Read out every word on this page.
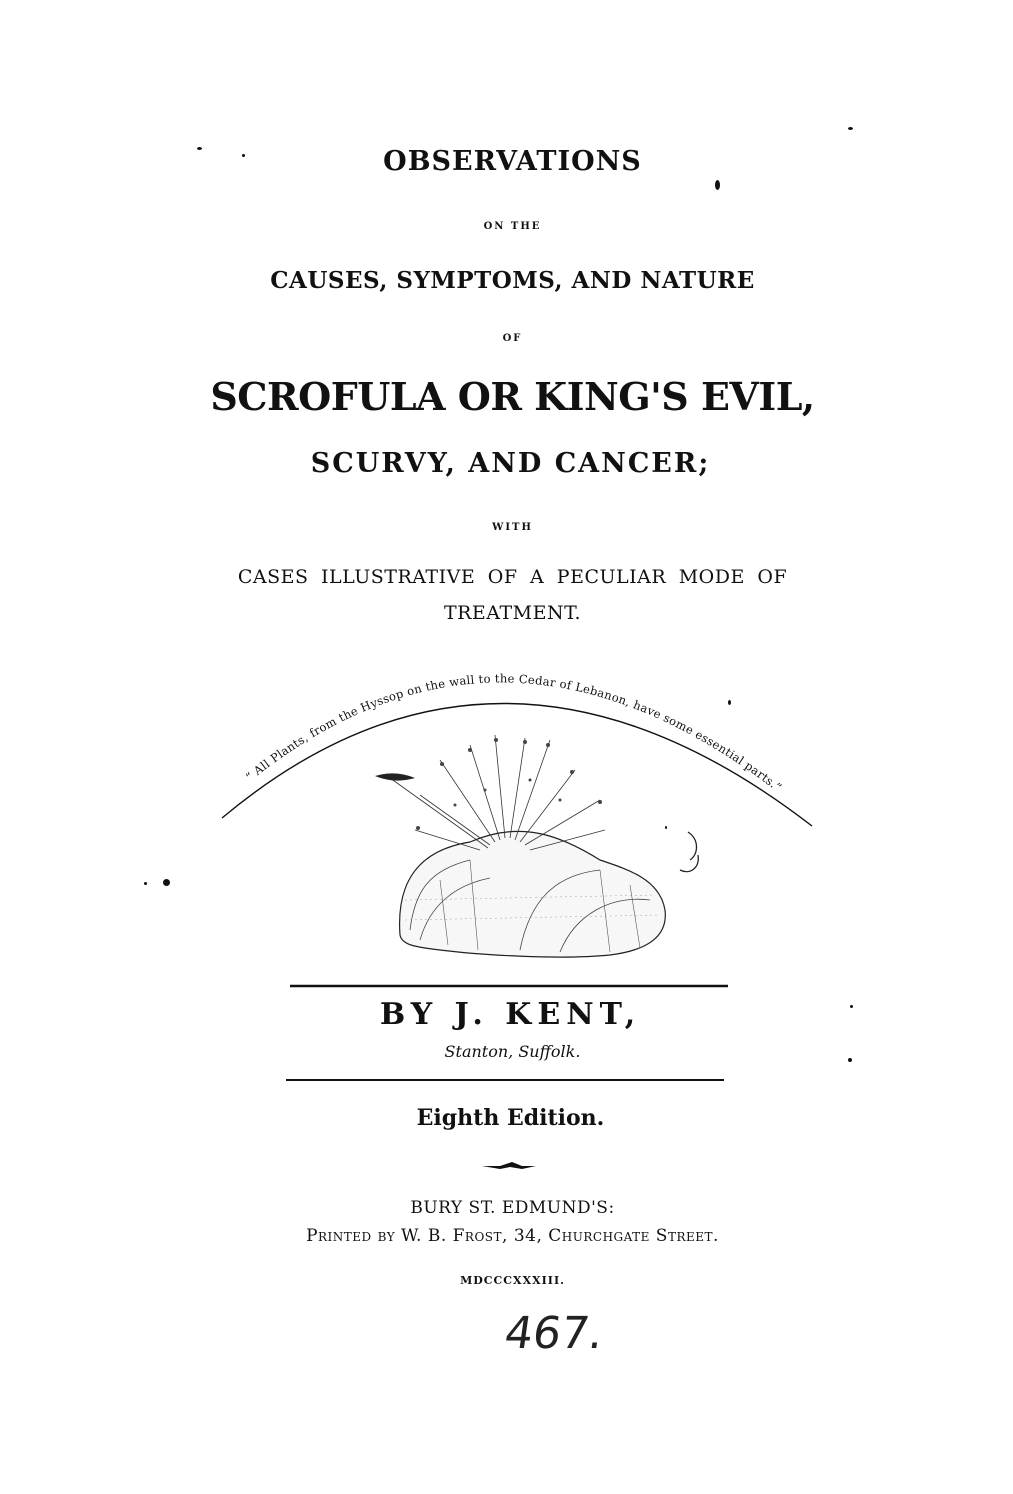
OBSERVATIONS
ON THE
CAUSES, SYMPTOMS, AND NATURE
OF
SCROFULA OR KING'S EVIL,
SCURVY, AND CANCER;
WITH
CASES ILLUSTRATIVE OF A PECULIAR MODE OF
TREATMENT.
“ All Plants, from the Hyssop on the wall to the Cedar of Lebanon, have some essential parts.”
BY J. KENT,
Stanton, Suffolk.
Eighth Edition.
BURY ST. EDMUND'S:
Printed by W. B. Frost, 34, Churchgate Street.
MDCCCXXXIII.
467.
